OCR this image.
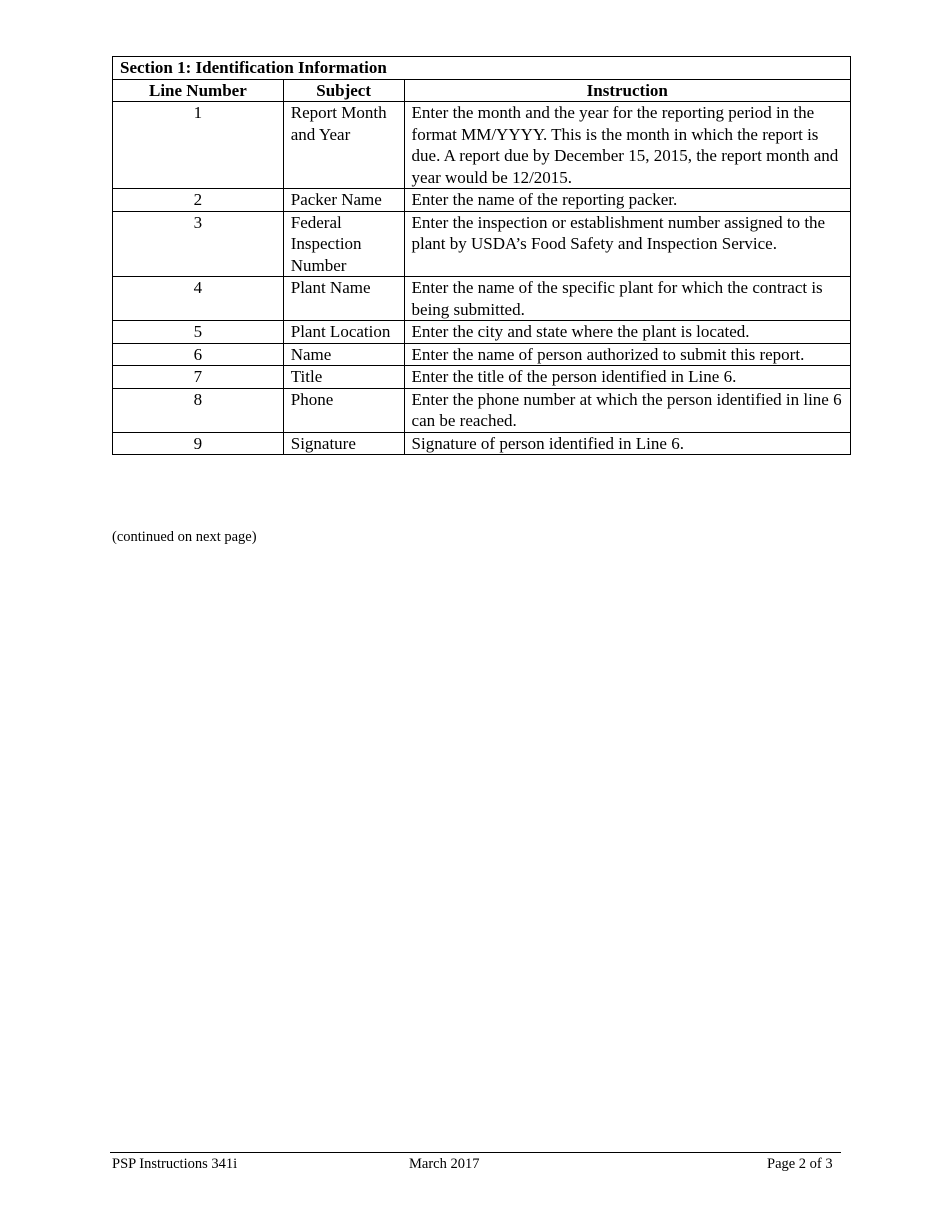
Section 1: Identification Information		
Line Number	Subject	Instruction
1	Report Month and Year	Enter the month and the year for the reporting period in the format MM/YYYY. This is the month in which the report is due. A report due by December 15, 2015, the report month and year would be 12/2015.
2	Packer Name	Enter the name of the reporting packer.
3	Federal Inspection Number	Enter the inspection or establishment number assigned to the plant by USDA’s Food Safety and Inspection Service.
4	Plant Name	Enter the name of the specific plant for which the contract is being submitted.
5	Plant Location	Enter the city and state where the plant is located.
6	Name	Enter the name of person authorized to submit this report.
7	Title	Enter the title of the person identified in Line 6.
8	Phone	Enter the phone number at which the person identified in line 6 can be reached.
9	Signature	Signature of person identified in Line 6.
(continued on next page)
PSP Instructions 341i	March 2017	Page 2 of 3
